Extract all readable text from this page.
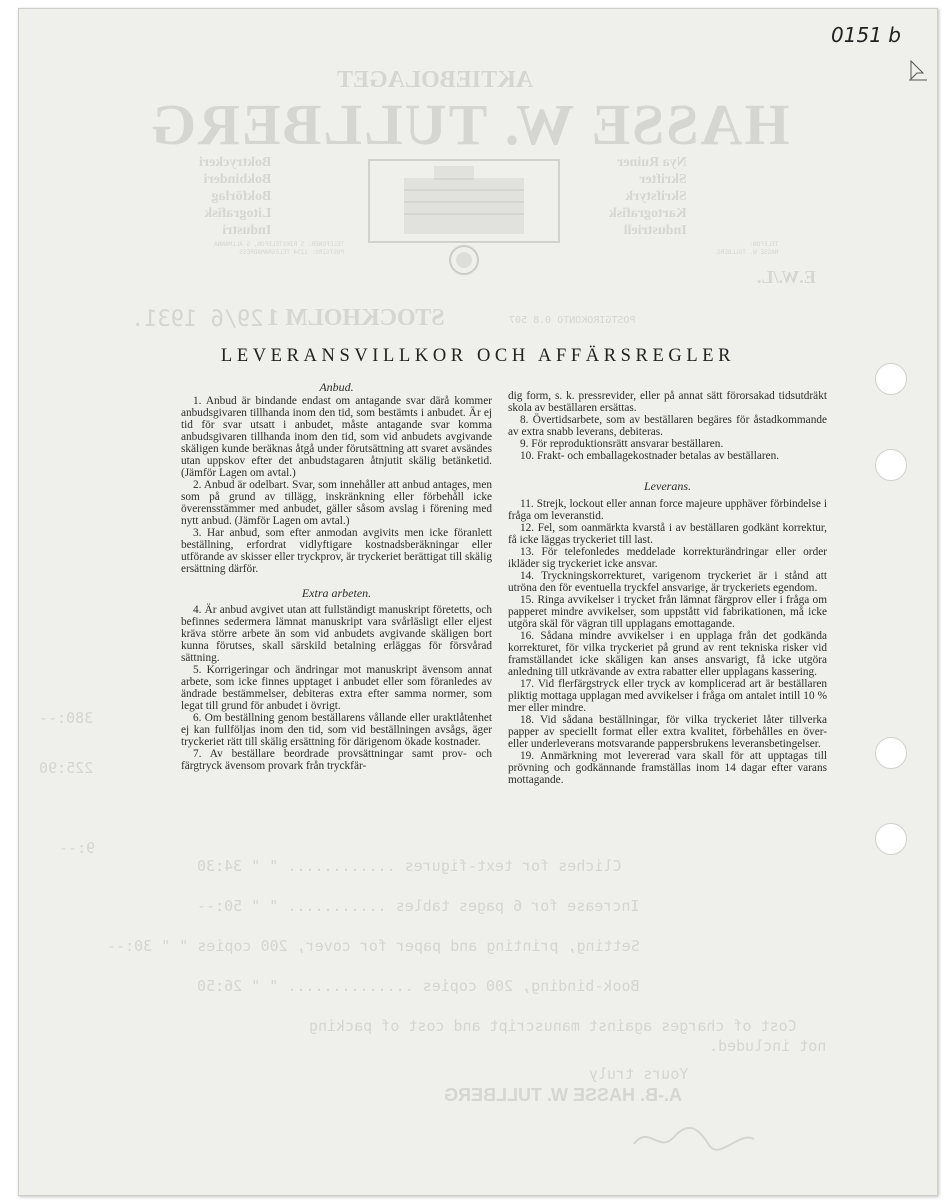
0151 b
AKTIEBOLAGET
HASSE W. TULLBERG
Boktryckeri
Bokbinderi
Bokförlag
Litografisk
Industri
Nya Ruiner
Skrifter
Skrifstyrk
Kartografisk
Industriell
TELEFONER: 5 RIKSTELEFON, 5 ALLMANNA
POSTGIRO: 1234 TELEGRAMADRESS
TELEFON:
HASSE W. TULLBERG
E.W./L.
POSTGIROKONTO 0.8 507
STOCKHOLM 1
29/6 1931.
Cliches for text-figures ............ " " 34:30
Increase for 6 pages tables ........... " " 50:--
Setting, printing and paper for cover, 200 copies " " 30:--
Book-binding, 200 copies .............. " " 26:50
Cost of charges against manuscript and cost of packing
not included.
Yours truly
A.-B. HASSE W. TULLBERG
380:--
225:90
9:--
LEVERANSVILLKOR OCH AFFÄRSREGLER

Anbud.

1. Anbud är bindande endast om antagande svar därå kommer anbudsgivaren tillhanda inom den tid, som bestämts i anbudet. Är ej tid för svar utsatt i anbudet, måste antagande svar komma anbudsgivaren tillhanda inom den tid, som vid anbudets avgivande skäligen kunde beräknas åtgå under förutsättning att svaret avsändes utan uppskov efter det anbudstagaren åtnjutit skälig betänketid. (Jämför Lagen om avtal.)

2. Anbud är odelbart. Svar, som innehåller att anbud antages, men som på grund av tillägg, inskränkning eller förbehåll icke överensstämmer med anbudet, gäller såsom avslag i förening med nytt anbud. (Jämför Lagen om avtal.)

3. Har anbud, som efter anmodan avgivits men icke föranlett beställning, erfordrat vidlyftigare kostnadsberäkningar eller utförande av skisser eller tryckprov, är tryckeriet berättigat till skälig ersättning därför.

Extra arbeten.

4. Är anbud avgivet utan att fullständigt manuskript företetts, och befinnes sedermera lämnat manuskript vara svårläsligt eller eljest kräva större arbete än som vid anbudets avgivande skäligen bort kunna förutses, skall särskild betalning erläggas för försvårad sättning.

5. Korrigeringar och ändringar mot manuskript ävensom annat arbete, som icke finnes upptaget i anbudet eller som föranledes av ändrade bestämmelser, debiteras extra efter samma normer, som legat till grund för anbudet i övrigt.

6. Om beställning genom beställarens vållande eller uraktlåtenhet ej kan fullföljas inom den tid, som vid beställningen avsågs, äger tryckeriet rätt till skälig ersättning för därigenom ökade kostnader.

7. Av beställare beordrade provsättningar samt prov- och färgtryck ävensom provark från tryckfär-

dig form, s. k. pressrevider, eller på annat sätt förorsakad tidsutdräkt skola av beställaren ersättas.

8. Övertidsarbete, som av beställaren begäres för åstadkommande av extra snabb leverans, debiteras.

9. För reproduktionsrätt ansvarar beställaren.

10. Frakt- och emballagekostnader betalas av beställaren.

Leverans.

11. Strejk, lockout eller annan force majeure upphäver förbindelse i fråga om leveranstid.

12. Fel, som oanmärkta kvarstå i av beställaren godkänt korrektur, få icke läggas tryckeriet till last.

13. För telefonledes meddelade korrekturändringar eller order ikläder sig tryckeriet icke ansvar.

14. Tryckningskorrekturet, varigenom tryckeriet är i stånd att utröna den för eventuella tryckfel ansvarige, är tryckeriets egendom.

15. Ringa avvikelser i trycket från lämnat färgprov eller i fråga om papperet mindre avvikelser, som uppstått vid fabrikationen, må icke utgöra skäl för vägran till upplagans emottagande.

16. Sådana mindre avvikelser i en upplaga från det godkända korrekturet, för vilka tryckeriet på grund av rent tekniska risker vid framställandet icke skäligen kan anses ansvarigt, få icke utgöra anledning till utkrävande av extra rabatter eller upplagans kassering.

17. Vid flerfärgstryck eller tryck av komplicerad art är beställaren pliktig mottaga upplagan med avvikelser i fråga om antalet intill 10 % mer eller mindre.

18. Vid sådana beställningar, för vilka tryckeriet låter tillverka papper av speciellt format eller extra kvalitet, förbehålles en över- eller underleverans motsvarande pappersbrukens leveransbetingelser.

19. Anmärkning mot levererad vara skall för att upptagas till prövning och godkännande framställas inom 14 dagar efter varans mottagande.
